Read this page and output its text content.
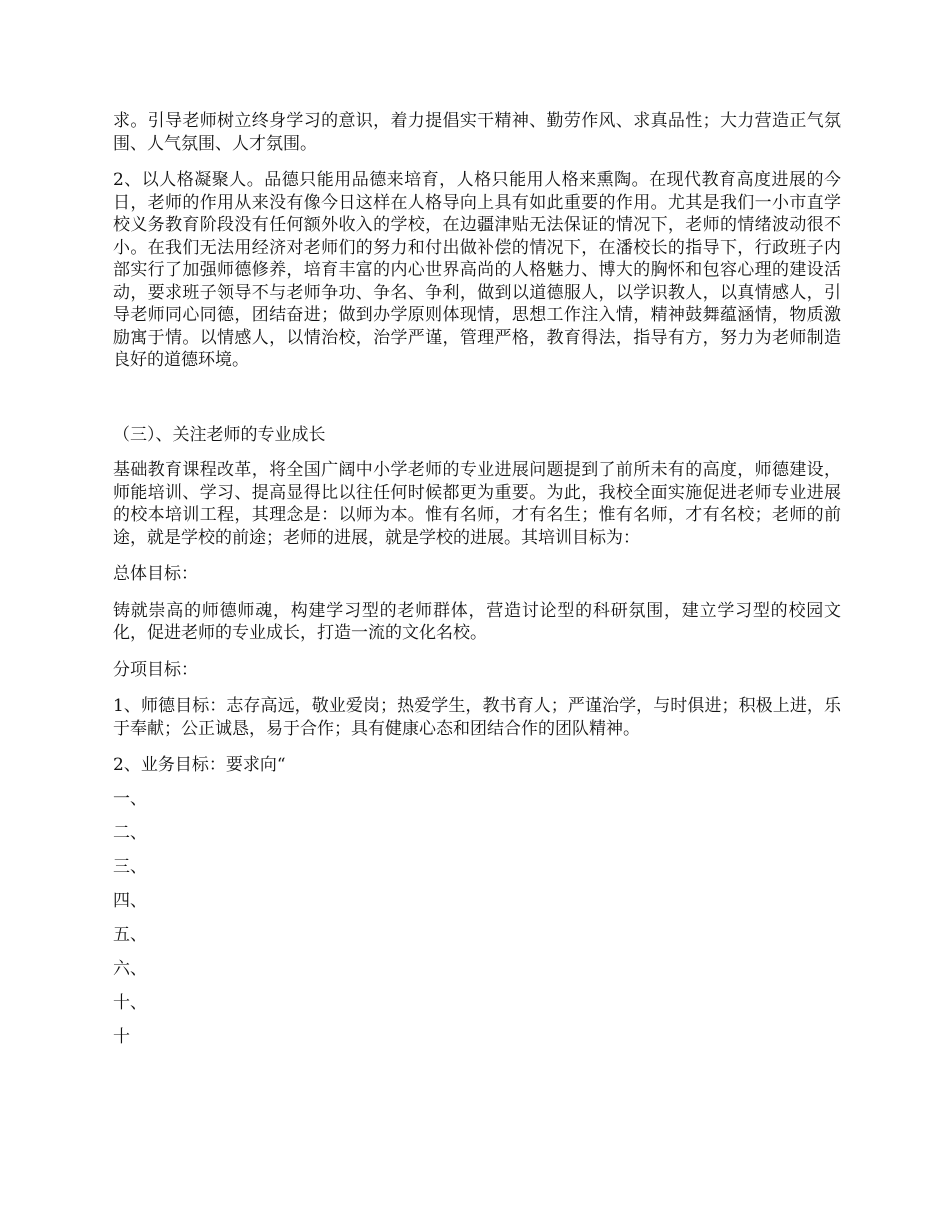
求。引导老师树立终身学习的意识，着力提倡实干精神、勤劳作风、求真品性；大力营造正气氛围、人气氛围、人才氛围。

2、以人格凝聚人。品德只能用品德来培育，人格只能用人格来熏陶。在现代教育高度进展的今日，老师的作用从来没有像今日这样在人格导向上具有如此重要的作用。尤其是我们一小市直学校义务教育阶段没有任何额外收入的学校，在边疆津贴无法保证的情况下，老师的情绪波动很不小。在我们无法用经济对老师们的努力和付出做补偿的情况下，在潘校长的指导下，行政班子内部实行了加强师德修养，培育丰富的内心世界高尚的人格魅力、博大的胸怀和包容心理的建设活动，要求班子领导不与老师争功、争名、争利，做到以道德服人，以学识教人，以真情感人，引导老师同心同德，团结奋进；做到办学原则体现情，思想工作注入情，精神鼓舞蕴涵情，物质激励寓于情。以情感人，以情治校，治学严谨，管理严格，教育得法，指导有方，努力为老师制造良好的道德环境。

（三）、关注老师的专业成长

基础教育课程改革，将全国广阔中小学老师的专业进展问题提到了前所未有的高度，师德建设，师能培训、学习、提高显得比以往任何时候都更为重要。为此，我校全面实施促进老师专业进展的校本培训工程，其理念是：以师为本。惟有名师，才有名生；惟有名师，才有名校；老师的前途，就是学校的前途；老师的进展，就是学校的进展。其培训目标为：

总体目标：

铸就崇高的师德师魂，构建学习型的老师群体，营造讨论型的科研氛围，建立学习型的校园文化，促进老师的专业成长，打造一流的文化名校。

分项目标：

1、师德目标：志存高远，敬业爱岗；热爱学生，教书育人；严谨治学，与时俱进；积极上进，乐于奉献；公正诚恳，易于合作；具有健康心态和团结合作的团队精神。

2、业务目标：要求向“

一、

二、

三、

四、

五、

六、

十、

十
